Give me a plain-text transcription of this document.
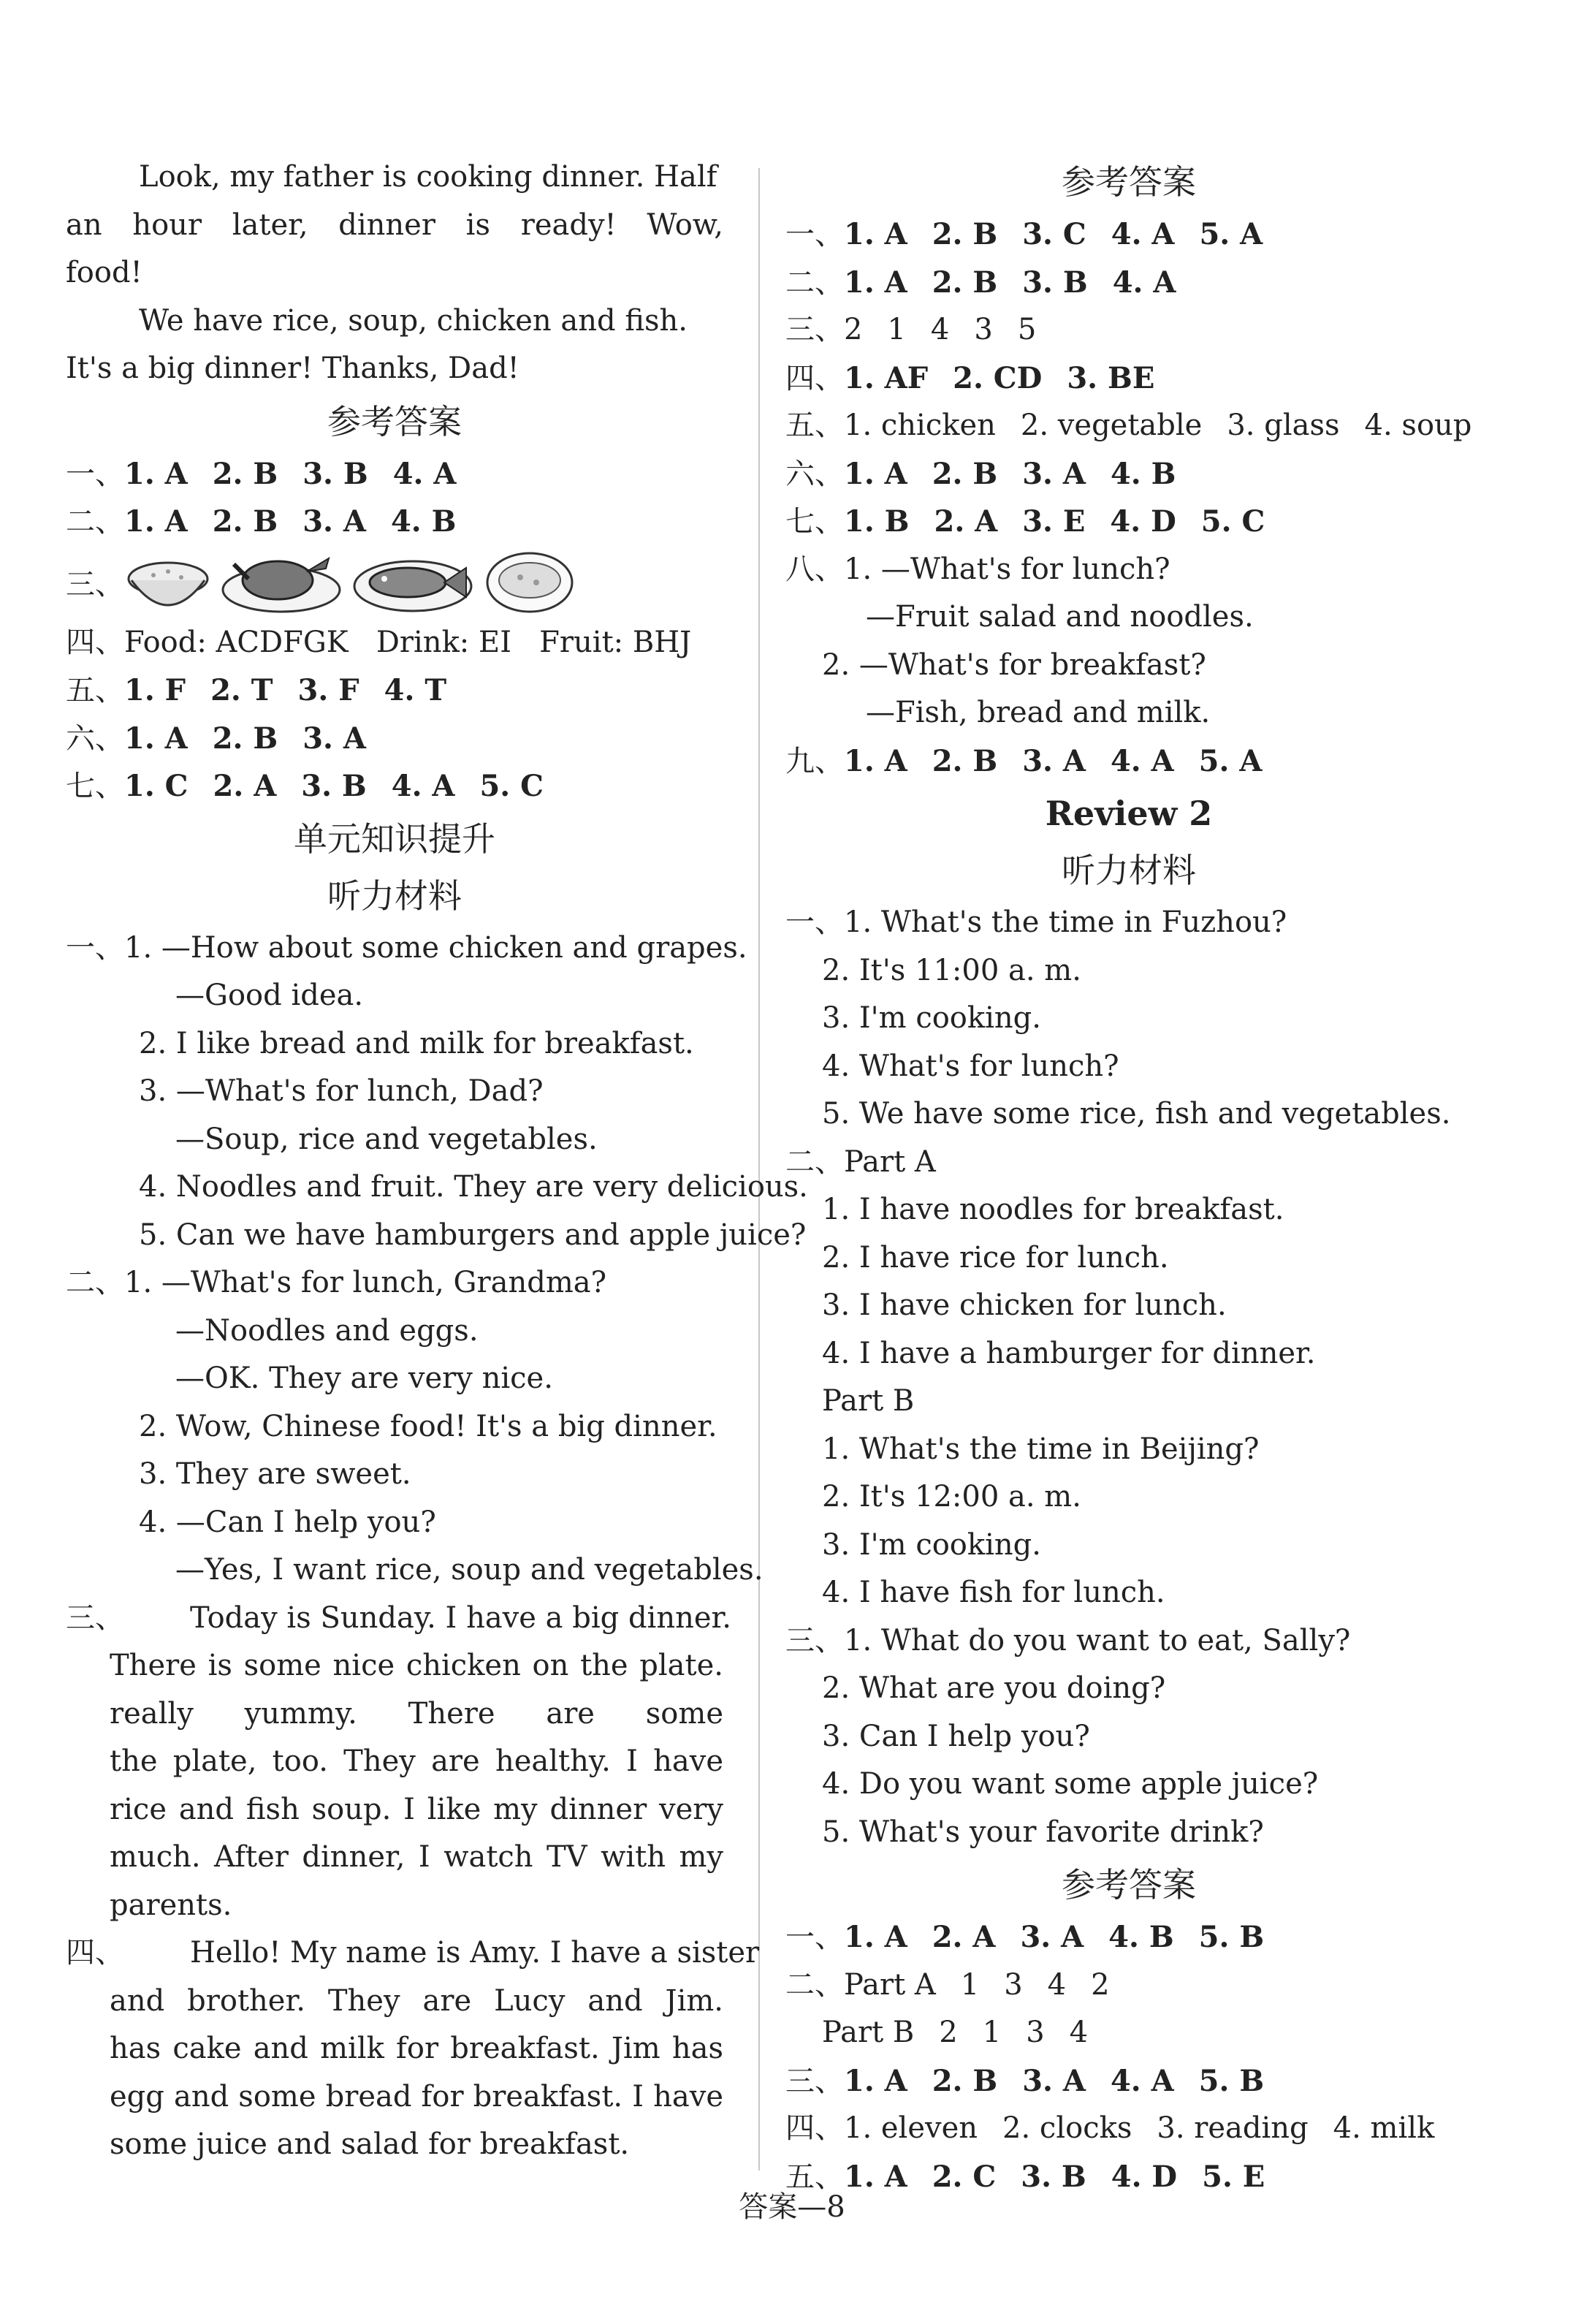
Look, my father is cooking dinner. Half
an hour later, dinner is ready! Wow,
food!
We have rice, soup, chicken and fish.
It's a big dinner! Thanks, Dad!
参考答案
一、1. A 2. B 3. B 4. A
二、1. A 2. B 3. A 4. B
三、
四、Food: ACDFGK   Drink: EI   Fruit: BHJ
五、1. F 2. T 3. F 4. T
六、1. A 2. B 3. A
七、1. C 2. A 3. B 4. A 5. C
单元知识提升
听力材料
一、1. —How about some chicken and grapes.
—Good idea.
2. I like bread and milk for breakfast.
3. —What's for lunch, Dad?
—Soup, rice and vegetables.
4. Noodles and fruit. They are very delicious.
5. Can we have hamburgers and apple juice?
二、1. —What's for lunch, Grandma?
—Noodles and eggs.
—OK. They are very nice.
2. Wow, Chinese food! It's a big dinner.
3. They are sweet.
4. —Can I help you?
—Yes, I want rice, soup and vegetables.
三、 Today is Sunday. I have a big dinner.
There is some nice chicken on the plate.
really yummy. There are some
the plate, too. They are healthy. I have
rice and fish soup. I like my dinner very
much. After dinner, I watch TV with my
parents.
四、 Hello! My name is Amy. I have a sister
and brother. They are Lucy and Jim.
has cake and milk for breakfast. Jim has
egg and some bread for breakfast. I have
some juice and salad for breakfast.
参考答案
一、1. A 2. B 3. C 4. A 5. A
二、1. A 2. B 3. B 4. A
三、2 1 4 3 5
四、1. AF 2. CD 3. BE
五、1. chicken 2. vegetable 3. glass 4. soup
六、1. A 2. B 3. A 4. B
七、1. B 2. A 3. E 4. D 5. C
八、1. —What's for lunch?
—Fruit salad and noodles.
2. —What's for breakfast?
—Fish, bread and milk.
九、1. A 2. B 3. A 4. A 5. A
Review 2
听力材料
一、1. What's the time in Fuzhou?
2. It's 11:00 a. m.
3. I'm cooking.
4. What's for lunch?
5. We have some rice, fish and vegetables.
二、Part A
1. I have noodles for breakfast.
2. I have rice for lunch.
3. I have chicken for lunch.
4. I have a hamburger for dinner.
Part B
1. What's the time in Beijing?
2. It's 12:00 a. m.
3. I'm cooking.
4. I have fish for lunch.
三、1. What do you want to eat, Sally?
2. What are you doing?
3. Can I help you?
4. Do you want some apple juice?
5. What's your favorite drink?
参考答案
一、1. A 2. A 3. A 4. B 5. B
二、Part A 1 3 4 2
Part B 2 1 3 4
三、1. A 2. B 3. A 4. A 5. B
四、1. eleven 2. clocks 3. reading 4. milk
五、1. A 2. C 3. B 4. D 5. E
答案—8
